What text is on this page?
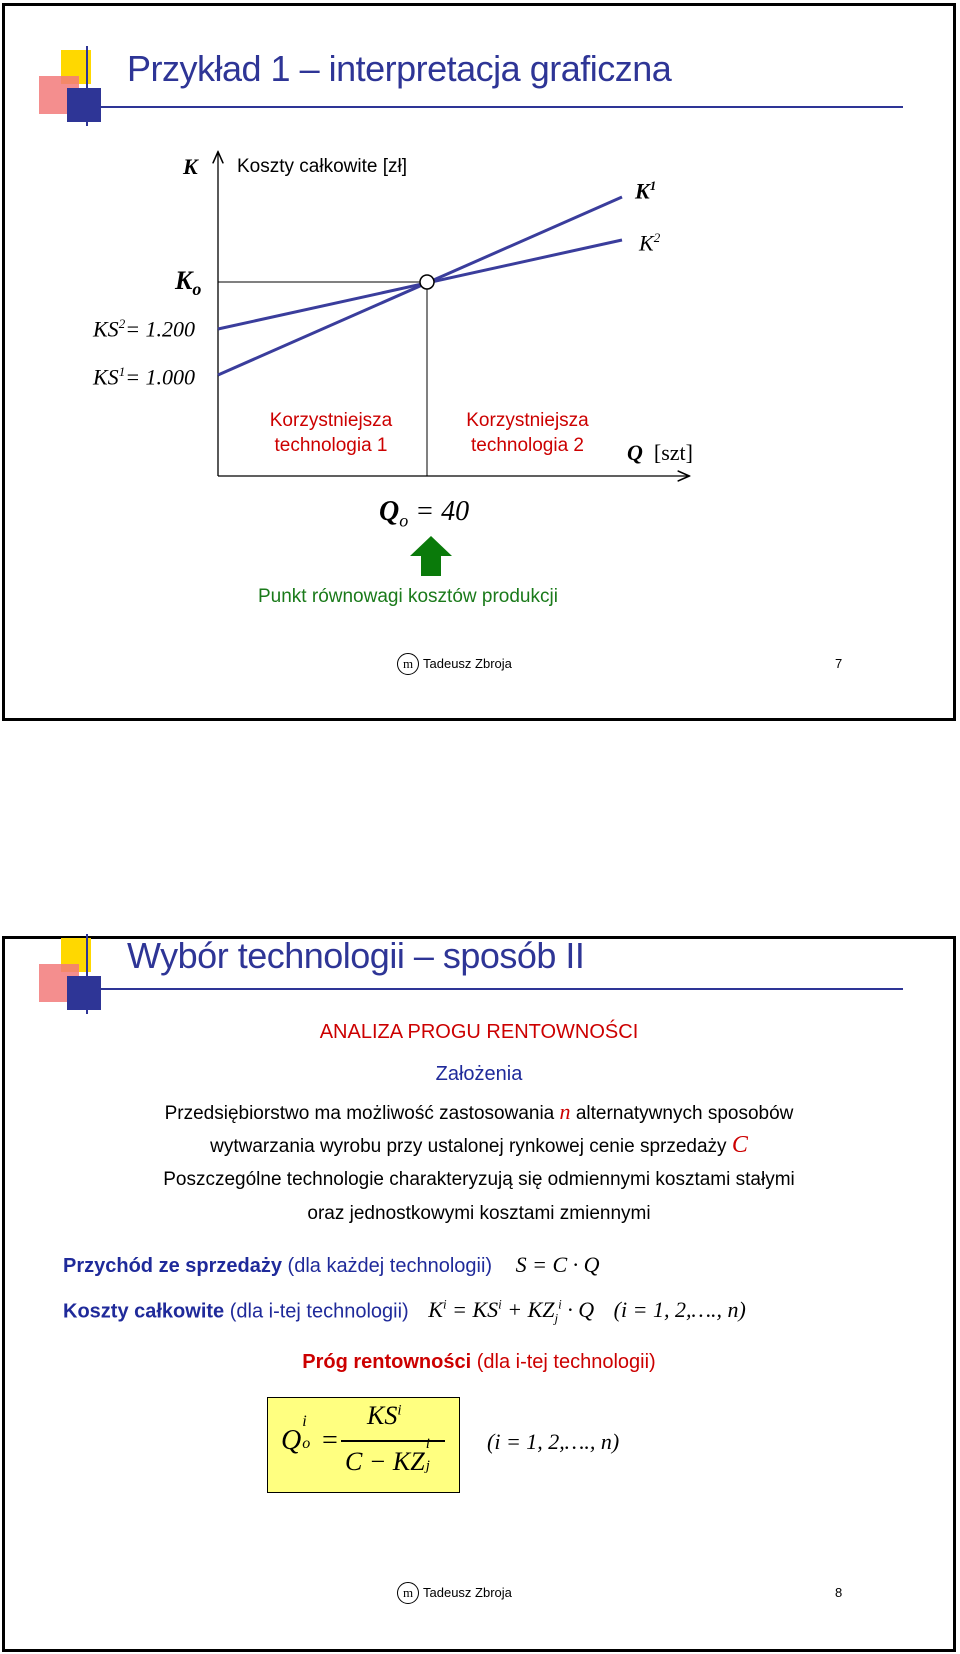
Przykład 1 – interpretacja graficzna
K Koszty całkowite [zł]
$K^1$
$K^2$
$K_o$
$KS^2= 1.200$
$KS^1= 1.000$
Korzystniejsza
technologia 1
Korzystniejsza
technologia 2	Q [szt]
$Q_o = 40$
Punkt równowagi kosztów produkcji
m Tadeusz Zbroja	7
Wybór technologii – sposób II
ANALIZA PROGU RENTOWNOŚCI
Założenia
Przedsiębiorstwo ma możliwość zastosowania n alternatywnych sposobów
wytwarzania wyrobu przy ustalonej rynkowej cenie sprzedaży C
Poszczególne technologie charakteryzują się odmiennymi kosztami stałymi
oraz jednostkowymi kosztami zmiennymi
Przychód ze sprzedaży (dla każdej technologii) S = C · Q
Koszty całkowite (dla i-tej technologii) $K^i = KS^i + KZ_j^i \cdot Q$ (i = 1, 2,…., n)
Próg rentowności (dla i-tej technologii)
Q
i
o =
$KS^i$
C − KZ
i
j
(i = 1, 2,…., n)
m Tadeusz Zbroja	8
